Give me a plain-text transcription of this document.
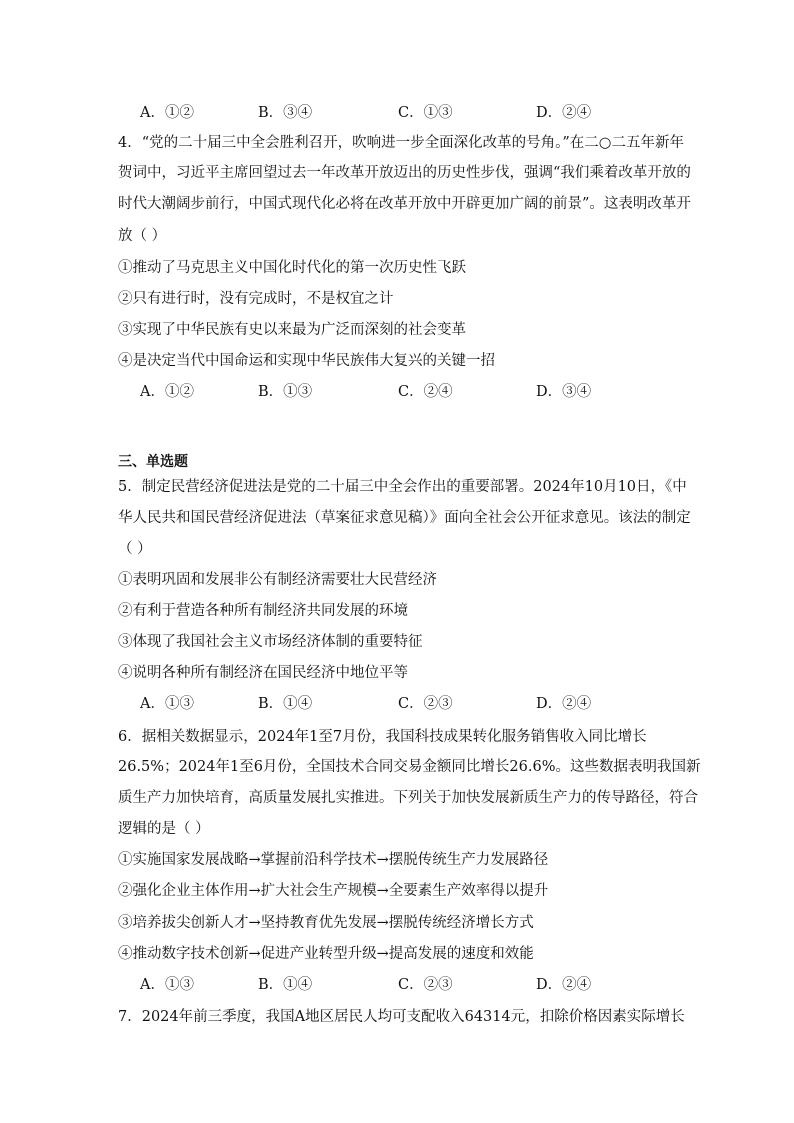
A．①②	B．③④	C．①③	D．②④
4．“党的二十届三中全会胜利召开，吹响进一步全面深化改革的号角。”在二○二五年新年
贺词中，习近平主席回望过去一年改革开放迈出的历史性步伐，强调“我们乘着改革开放的
时代大潮阔步前行，中国式现代化必将在改革开放中开辟更加广阔的前景”。这表明改革开
放（ ）
①推动了马克思主义中国化时代化的第一次历史性飞跃
②只有进行时，没有完成时，不是权宜之计
③实现了中华民族有史以来最为广泛而深刻的社会变革
④是决定当代中国命运和实现中华民族伟大复兴的关键一招
A．①②	B．①③	C．②④	D．③④
三、单选题
5．制定民营经济促进法是党的二十届三中全会作出的重要部署。2024年10月10日，《中
华人民共和国民营经济促进法（草案征求意见稿）》面向全社会公开征求意见。该法的制定
（ ）
①表明巩固和发展非公有制经济需要壮大民营经济
②有利于营造各种所有制经济共同发展的环境
③体现了我国社会主义市场经济体制的重要特征
④说明各种所有制经济在国民经济中地位平等
A．①③	B．①④	C．②③	D．②④
6．据相关数据显示，2024年1至7月份，我国科技成果转化服务销售收入同比增长
26.5%；2024年1至6月份，全国技术合同交易金额同比增长26.6%。这些数据表明我国新
质生产力加快培育，高质量发展扎实推进。下列关于加快发展新质生产力的传导路径，符合
逻辑的是（ ）
①实施国家发展战略→掌握前沿科学技术→摆脱传统生产力发展路径
②强化企业主体作用→扩大社会生产规模→全要素生产效率得以提升
③培养拔尖创新人才→坚持教育优先发展→摆脱传统经济增长方式
④推动数字技术创新→促进产业转型升级→提高发展的速度和效能
A．①③	B．①④	C．②③	D．②④
7．2024年前三季度，我国A地区居民人均可支配收入64314元，扣除价格因素实际增长
